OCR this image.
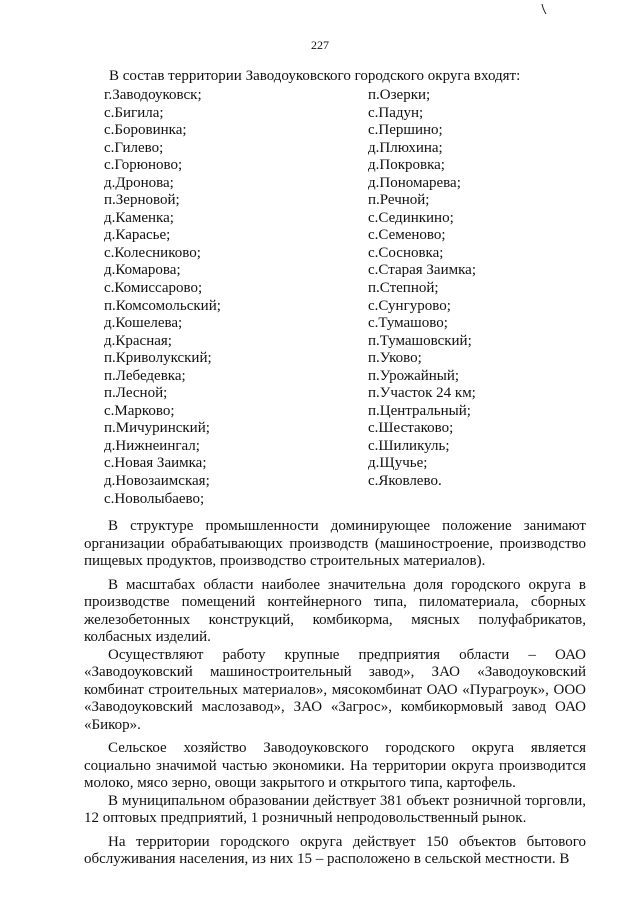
227
В состав территории Заводоуковского городского округа входят:
г.Заводоуковск;
с.Бигила;
с.Боровинка;
с.Гилево;
с.Горюново;
д.Дронова;
п.Зерновой;
д.Каменка;
д.Карасье;
с.Колесниково;
д.Комарова;
с.Комиссарово;
п.Комсомольский;
д.Кошелева;
д.Красная;
п.Криволукский;
п.Лебедевка;
п.Лесной;
с.Марково;
п.Мичуринский;
д.Нижнеингал;
с.Новая Заимка;
д.Новозаимская;
с.Новолыбаево;
п.Озерки;
с.Падун;
с.Першино;
д.Плюхина;
д.Покровка;
д.Пономарева;
п.Речной;
с.Сединкино;
с.Семеново;
с.Сосновка;
с.Старая Заимка;
п.Степной;
с.Сунгурово;
с.Тумашово;
п.Тумашовский;
п.Уково;
п.Урожайный;
п.Участок 24 км;
п.Центральный;
с.Шестаково;
с.Шиликуль;
д.Щучье;
с.Яковлево.

В структуре промышленности доминирующее положение занимают организации обрабатывающих производств (машиностроение, производство пищевых продуктов, производство строительных материалов).

В масштабах области наиболее значительна доля городского округа в производстве помещений контейнерного типа, пиломатериала, сборных железобетонных конструкций, комбикорма, мясных полуфабрикатов, колбасных изделий.

Осуществляют работу крупные предприятия области – ОАО «Заводоуковский машиностроительный завод», ЗАО «Заводоуковский комбинат строительных материалов», мясокомбинат ОАО «Пурагроук», ООО «Заводоуковский маслозавод», ЗАО «Загрос», комбикормовый завод ОАО «Бикор».

Сельское хозяйство Заводоуковского городского округа является социально значимой частью экономики. На территории округа производится молоко, мясо зерно, овощи закрытого и открытого типа, картофель.

В муниципальном образовании действует 381 объект розничной торговли, 12 оптовых предприятий, 1 розничный непродовольственный рынок.

На территории городского округа действует 150 объектов бытового обслуживания населения, из них 15 – расположено в сельской местности. В
